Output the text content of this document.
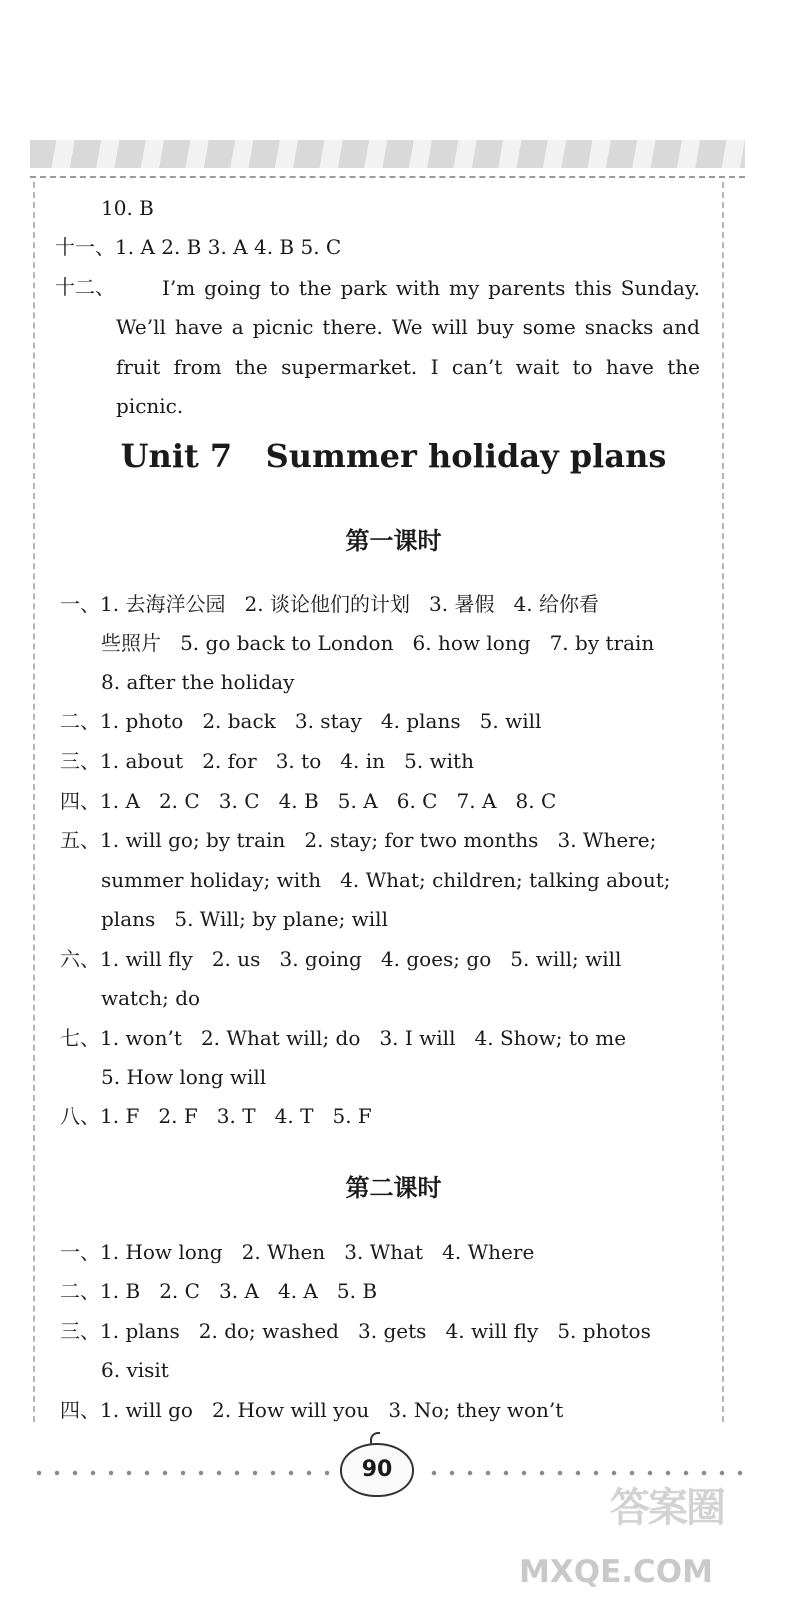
10. B
十一、1. A 2. B 3. A 4. B 5. C
十二、 I’m going to the park with my parents this Sunday.
We’ll have a picnic there. We will buy some snacks and
fruit from the supermarket. I can’t wait to have the
picnic.
Unit 7   Summer holiday plans
第一课时
一、1. 去海洋公园   2. 谈论他们的计划   3. 暑假   4. 给你看
些照片   5. go back to London   6. how long   7. by train
8. after the holiday
二、1. photo   2. back   3. stay   4. plans   5. will
三、1. about   2. for   3. to   4. in   5. with
四、1. A   2. C   3. C   4. B   5. A   6. C   7. A   8. C
五、1. will go; by train   2. stay; for two months   3. Where;
summer holiday; with   4. What; children; talking about;
plans   5. Will; by plane; will
六、1. will fly   2. us   3. going   4. goes; go   5. will; will
watch; do
七、1. won’t   2. What will; do   3. I will   4. Show; to me
5. How long will
八、1. F   2. F   3. T   4. T   5. F
第二课时
一、1. How long   2. When   3. What   4. Where
二、1. B   2. C   3. A   4. A   5. B
三、1. plans   2. do; washed   3. gets   4. will fly   5. photos
6. visit
四、1. will go   2. How will you   3. No; they won’t
90
答案圈
MXQE.COM
